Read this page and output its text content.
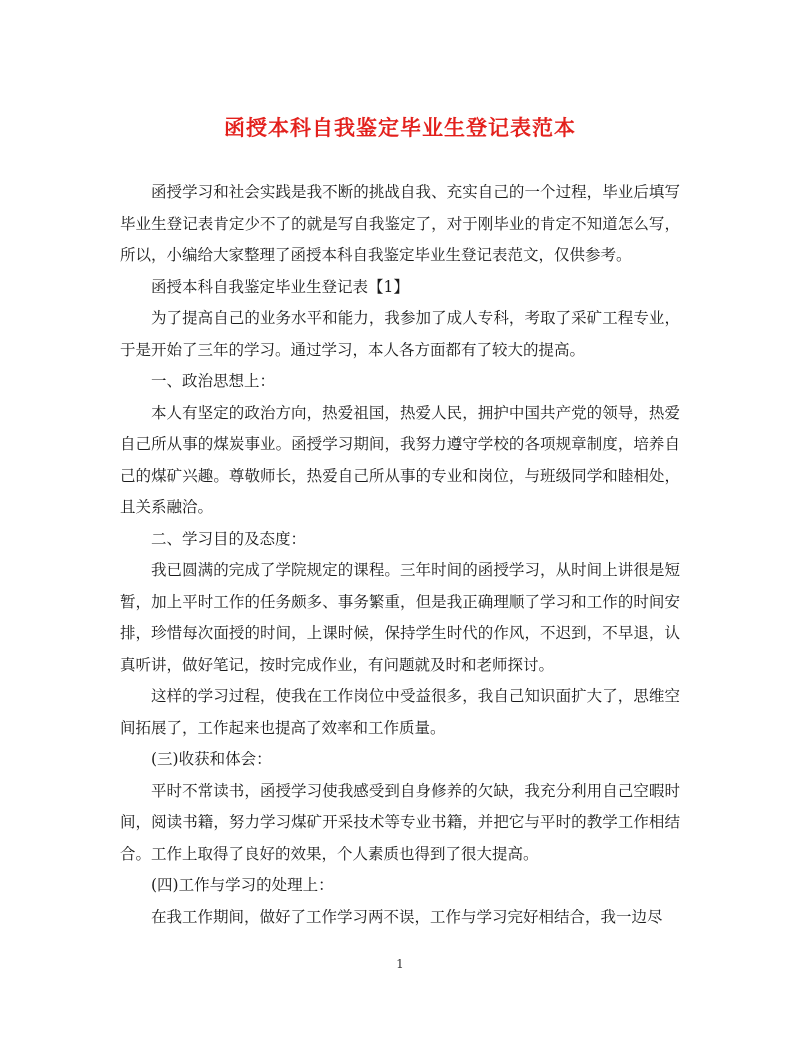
函授本科自我鉴定毕业生登记表范本

函授学习和社会实践是我不断的挑战自我、充实自己的一个过程，毕业后填写毕业生登记表肯定少不了的就是写自我鉴定了，对于刚毕业的肯定不知道怎么写，所以，小编给大家整理了函授本科自我鉴定毕业生登记表范文，仅供参考。

函授本科自我鉴定毕业生登记表【1】

为了提高自己的业务水平和能力，我参加了成人专科，考取了采矿工程专业，于是开始了三年的学习。通过学习，本人各方面都有了较大的提高。

一、政治思想上：

本人有坚定的政治方向，热爱祖国，热爱人民，拥护中国共产党的领导，热爱自己所从事的煤炭事业。函授学习期间，我努力遵守学校的各项规章制度，培养自己的煤矿兴趣。尊敬师长，热爱自己所从事的专业和岗位，与班级同学和睦相处，且关系融洽。

二、学习目的及态度：

我已圆满的完成了学院规定的课程。三年时间的函授学习，从时间上讲很是短暂，加上平时工作的任务颇多、事务繁重，但是我正确理顺了学习和工作的时间安排，珍惜每次面授的时间，上课时候，保持学生时代的作风，不迟到，不早退，认真听讲，做好笔记，按时完成作业，有问题就及时和老师探讨。

这样的学习过程，使我在工作岗位中受益很多，我自己知识面扩大了，思维空间拓展了，工作起来也提高了效率和工作质量。

(三)收获和体会：

平时不常读书，函授学习使我感受到自身修养的欠缺，我充分利用自己空暇时间，阅读书籍，努力学习煤矿开采技术等专业书籍，并把它与平时的教学工作相结合。工作上取得了良好的效果，个人素质也得到了很大提高。

(四)工作与学习的处理上：

在我工作期间，做好了工作学习两不误，工作与学习完好相结合，我一边尽

1
